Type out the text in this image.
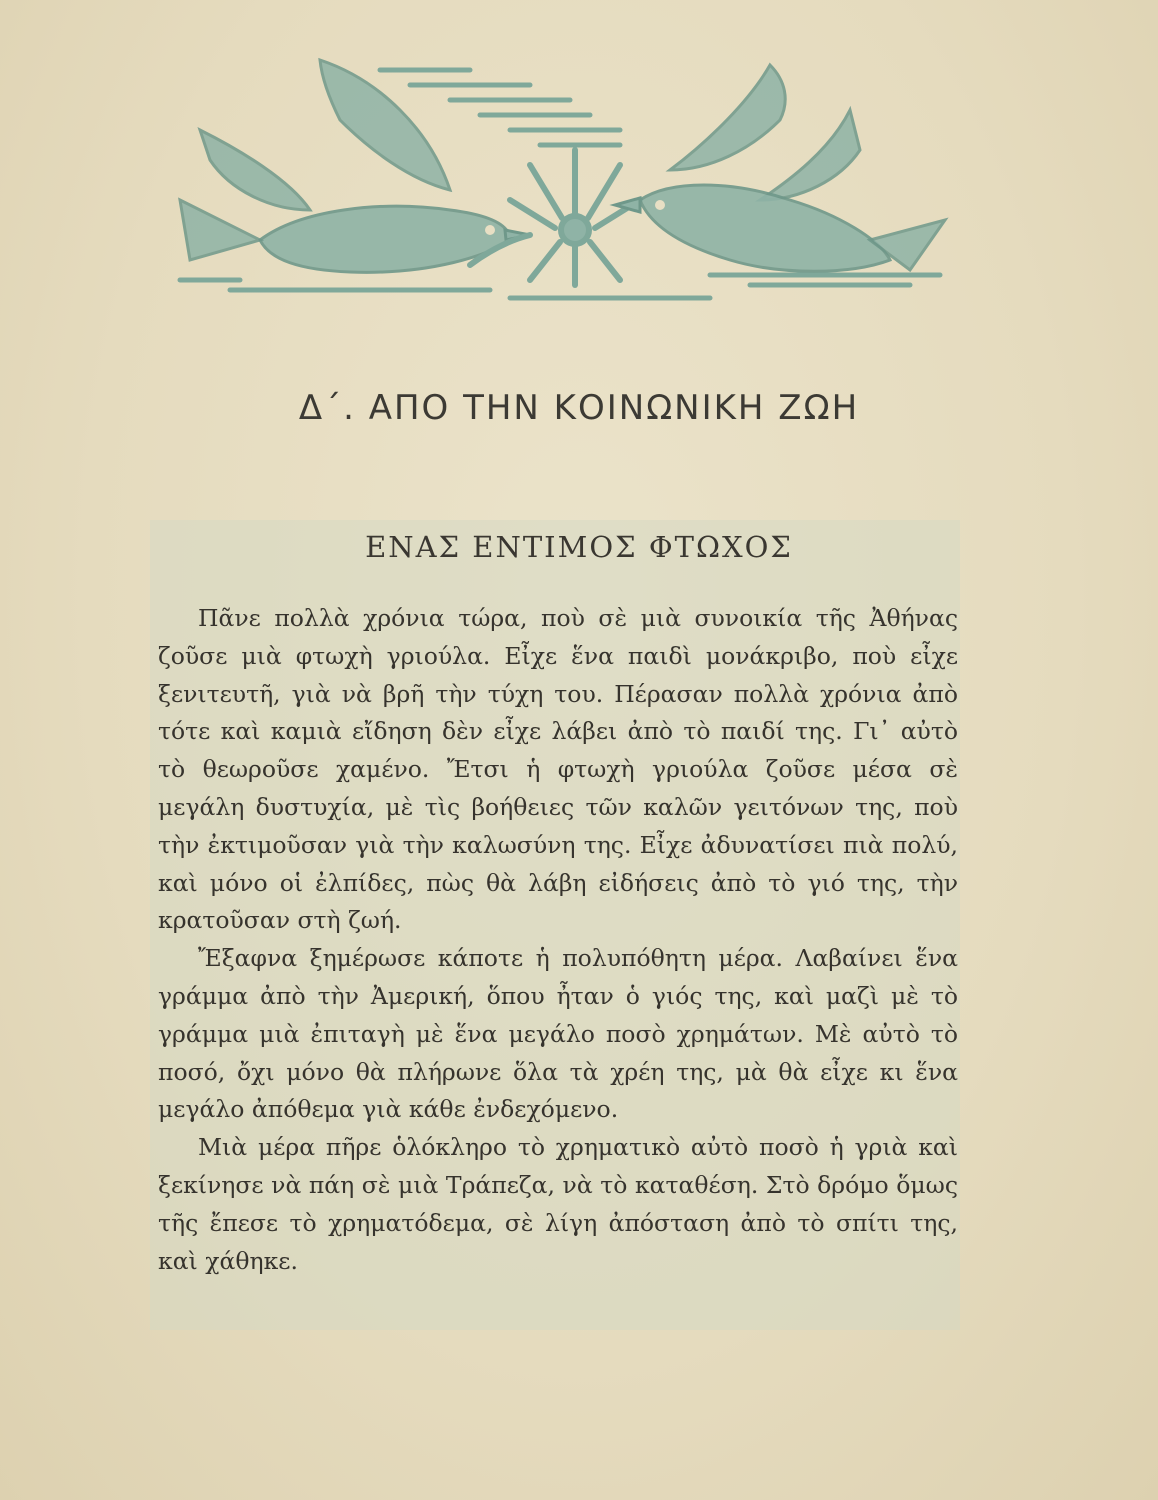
Δ΄. ΑΠΟ ΤΗΝ ΚΟΙΝΩΝΙΚΗ ΖΩΗ
ΕΝΑΣ ΕΝΤΙΜΟΣ ΦΤΩΧΟΣ

Πᾶνε πολλὰ χρόνια τώρα, ποὺ σὲ μιὰ συνοικία τῆς Ἀθήνας ζοῦσε μιὰ φτωχὴ γριούλα. Εἶχε ἕνα παιδὶ μονάκριβο, ποὺ εἶχε ξενιτευτῆ, γιὰ νὰ βρῆ τὴν τύχη του. Πέρασαν πολλὰ χρόνια ἀπὸ τότε καὶ καμιὰ εἴδηση δὲν εἶχε λάβει ἀπὸ τὸ παιδί της. Γι᾿ αὐτὸ τὸ θεωροῦσε χαμένο. Ἔτσι ἡ φτωχὴ γριούλα ζοῦσε μέσα σὲ μεγάλη δυστυχία, μὲ τὶς βοήθειες τῶν καλῶν γειτόνων της, ποὺ τὴν ἐκτιμοῦσαν γιὰ τὴν καλωσύνη της. Εἶχε ἀδυνατίσει πιὰ πολύ, καὶ μόνο οἱ ἐλπίδες, πὼς θὰ λάβη εἰδήσεις ἀπὸ τὸ γιό της, τὴν κρατοῦσαν στὴ ζωή.

Ἔξαφνα ξημέρωσε κάποτε ἡ πολυπόθητη μέρα. Λαβαίνει ἕνα γράμμα ἀπὸ τὴν Ἀμερική, ὅπου ἦταν ὁ γιός της, καὶ μαζὶ μὲ τὸ γράμμα μιὰ ἐπιταγὴ μὲ ἕνα μεγάλο ποσὸ χρημάτων. Μὲ αὐτὸ τὸ ποσό, ὄχι μόνο θὰ πλήρωνε ὅλα τὰ χρέη της, μὰ θὰ εἶχε κι ἕνα μεγάλο ἀπόθεμα γιὰ κάθε ἐνδεχόμενο.

Μιὰ μέρα πῆρε ὁλόκληρο τὸ χρηματικὸ αὐτὸ ποσὸ ἡ γριὰ καὶ ξεκίνησε νὰ πάη σὲ μιὰ Τράπεζα, νὰ τὸ καταθέση. Στὸ δρόμο ὅμως τῆς ἔπεσε τὸ χρηματόδεμα, σὲ λίγη ἀπόσταση ἀπὸ τὸ σπίτι της, καὶ χάθηκε.
